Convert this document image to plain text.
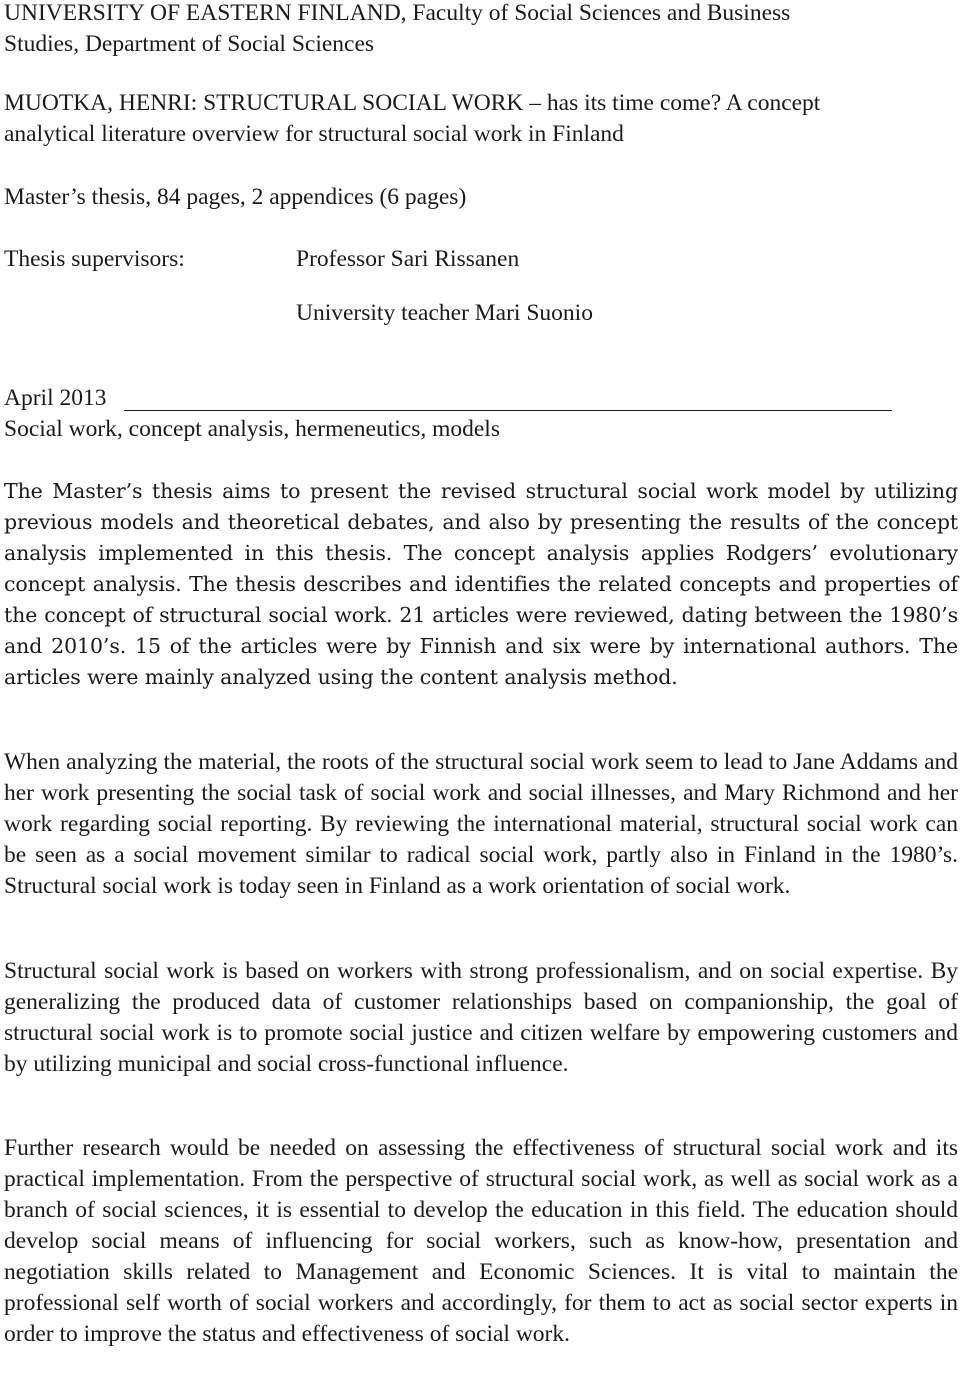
UNIVERSITY OF EASTERN FINLAND, Faculty of Social Sciences and Business
Studies, Department of Social Sciences
MUOTKA, HENRI: STRUCTURAL SOCIAL WORK – has its time come? A concept
analytical literature overview for structural social work in Finland
Master’s thesis, 84 pages, 2 appendices (6 pages)
Thesis supervisors:	Professor Sari Rissanen
University teacher Mari Suonio
April 2013
Social work, concept analysis, hermeneutics, models

The Master’s thesis aims to present the revised structural social work model by utilizing previous models and theoretical debates, and also by presenting the results of the concept analysis implemented in this thesis. The concept analysis applies Rodgers’ evolutionary concept analysis. The thesis describes and identifies the related concepts and properties of the concept of structural social work. 21 articles were reviewed, dating between the 1980’s and 2010’s. 15 of the articles were by Finnish and six were by international authors. The articles were mainly analyzed using the content analysis method.

When analyzing the material, the roots of the structural social work seem to lead to Jane Addams and her work presenting the social task of social work and social illnesses, and Mary Richmond and her work regarding social reporting. By reviewing the international material, structural social work can be seen as a social movement similar to radical social work, partly also in Finland in the 1980’s. Structural social work is today seen in Finland as a work orientation of social work.

Structural social work is based on workers with strong professionalism, and on social expertise. By generalizing the produced data of customer relationships based on companionship, the goal of structural social work is to promote social justice and citizen welfare by empowering customers and by utilizing municipal and social cross-functional influence.

Further research would be needed on assessing the effectiveness of structural social work and its practical implementation. From the perspective of structural social work, as well as social work as a branch of social sciences, it is essential to develop the education in this field. The education should develop social means of influencing for social workers, such as know-how, presentation and negotiation skills related to Management and Economic Sciences. It is vital to maintain the professional self worth of social workers and accordingly, for them to act as social sector experts in order to improve the status and effectiveness of social work.
